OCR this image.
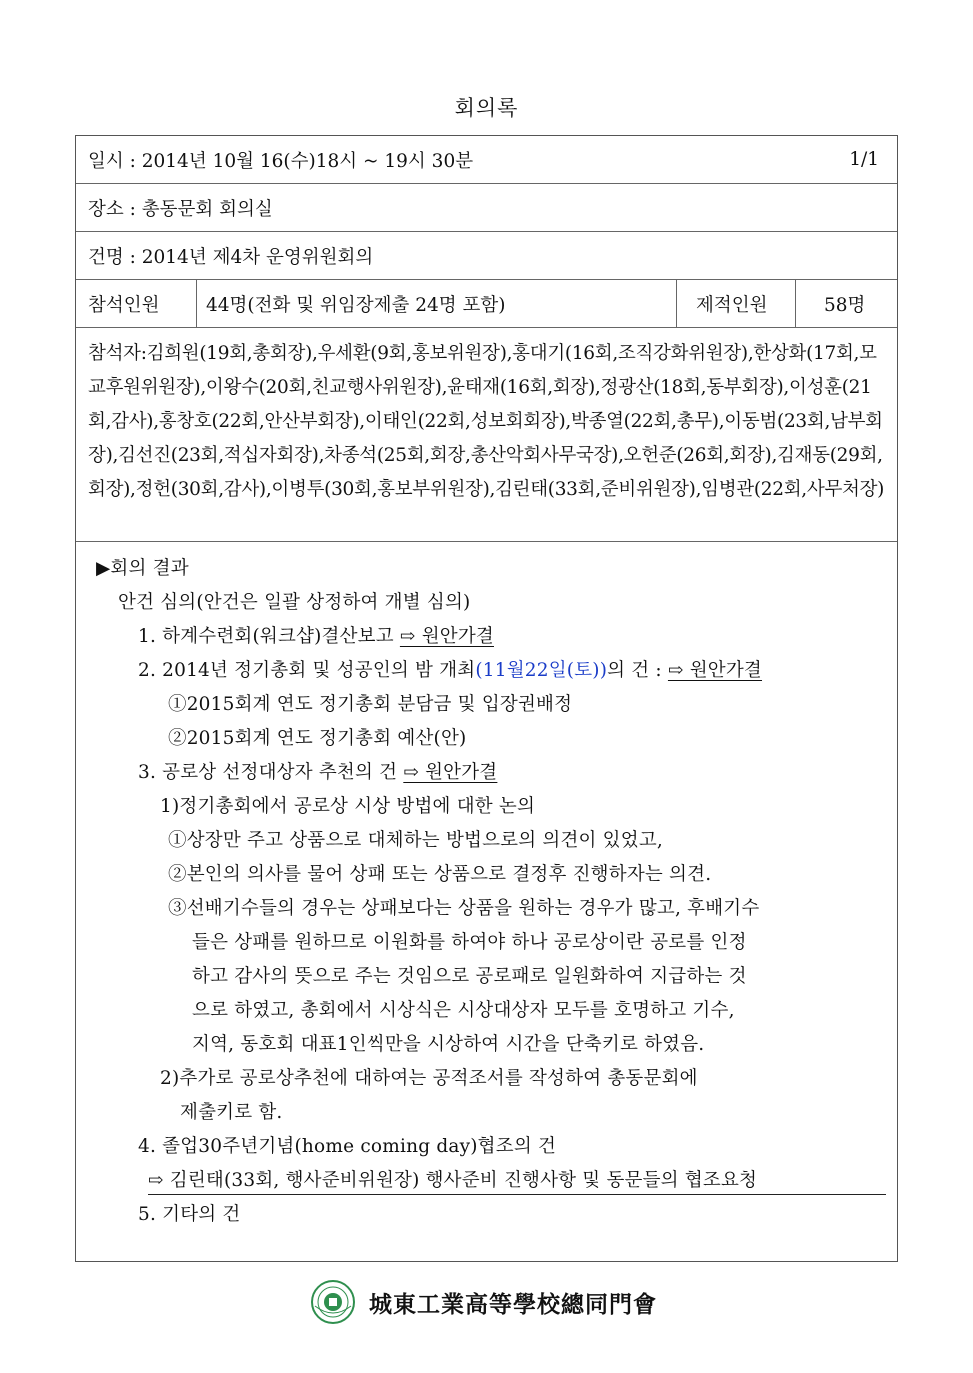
회의록
일시 : 2014년 10월 16(수)18시 ~ 19시 30분	1/1
장소 : 총동문회 회의실
건명 : 2014년 제4차 운영위원회의
참석인원	44명(전화 및 위임장제출 24명 포함)	제적인원	58명
참석자:김희원(19회,총회장),우세환(9회,홍보위원장),홍대기(16회,조직강화위원장),한상화(17회,모교후원위원장),이왕수(20회,친교행사위원장),윤태재(16회,회장),정광산(18회,동부회장),이성훈(21회,감사),홍창호(22회,안산부회장),이태인(22회,성보회회장),박종열(22회,총무),이동범(23회,남부회장),김선진(23회,적십자회장),차종석(25회,회장,총산악회사무국장),오헌준(26회,회장),김재동(29회,회장),정헌(30회,감사),이병투(30회,홍보부위원장),김린태(33회,준비위원장),임병관(22회,사무처장)
▶회의 결과
안건 심의(안건은 일괄 상정하여 개별 심의)
1. 하계수련회(워크샵)결산보고 ⇨ 원안가결
2. 2014년 정기총회 및 성공인의 밤 개최(11월22일(토))의 건 : ⇨ 원안가결
①2015회계 연도 정기총회 분담금 및 입장권배정
②2015회계 연도 정기총회 예산(안)
3. 공로상 선정대상자 추천의 건 ⇨ 원안가결
1)정기총회에서 공로상 시상 방법에 대한 논의
①상장만 주고 상품으로 대체하는 방법으로의 의견이 있었고,
②본인의 의사를 물어 상패 또는 상품으로 결정후 진행하자는 의견.
③선배기수들의 경우는 상패보다는 상품을 원하는 경우가 많고, 후배기수
들은 상패를 원하므로 이원화를 하여야 하나 공로상이란 공로를 인정
하고 감사의 뜻으로 주는 것임으로 공로패로 일원화하여 지급하는 것
으로 하였고, 총회에서 시상식은 시상대상자 모두를 호명하고 기수,
지역, 동호회 대표1인씩만을 시상하여 시간을 단축키로 하였음.
2)추가로 공로상추천에 대하여는 공적조서를 작성하여 총동문회에
제출키로 함.
4. 졸업30주년기념(home coming day)협조의 건
⇨ 김린태(33회, 행사준비위원장) 행사준비 진행사항 및 동문들의 협조요청
5. 기타의 건
城東工業高等學校總同門會
